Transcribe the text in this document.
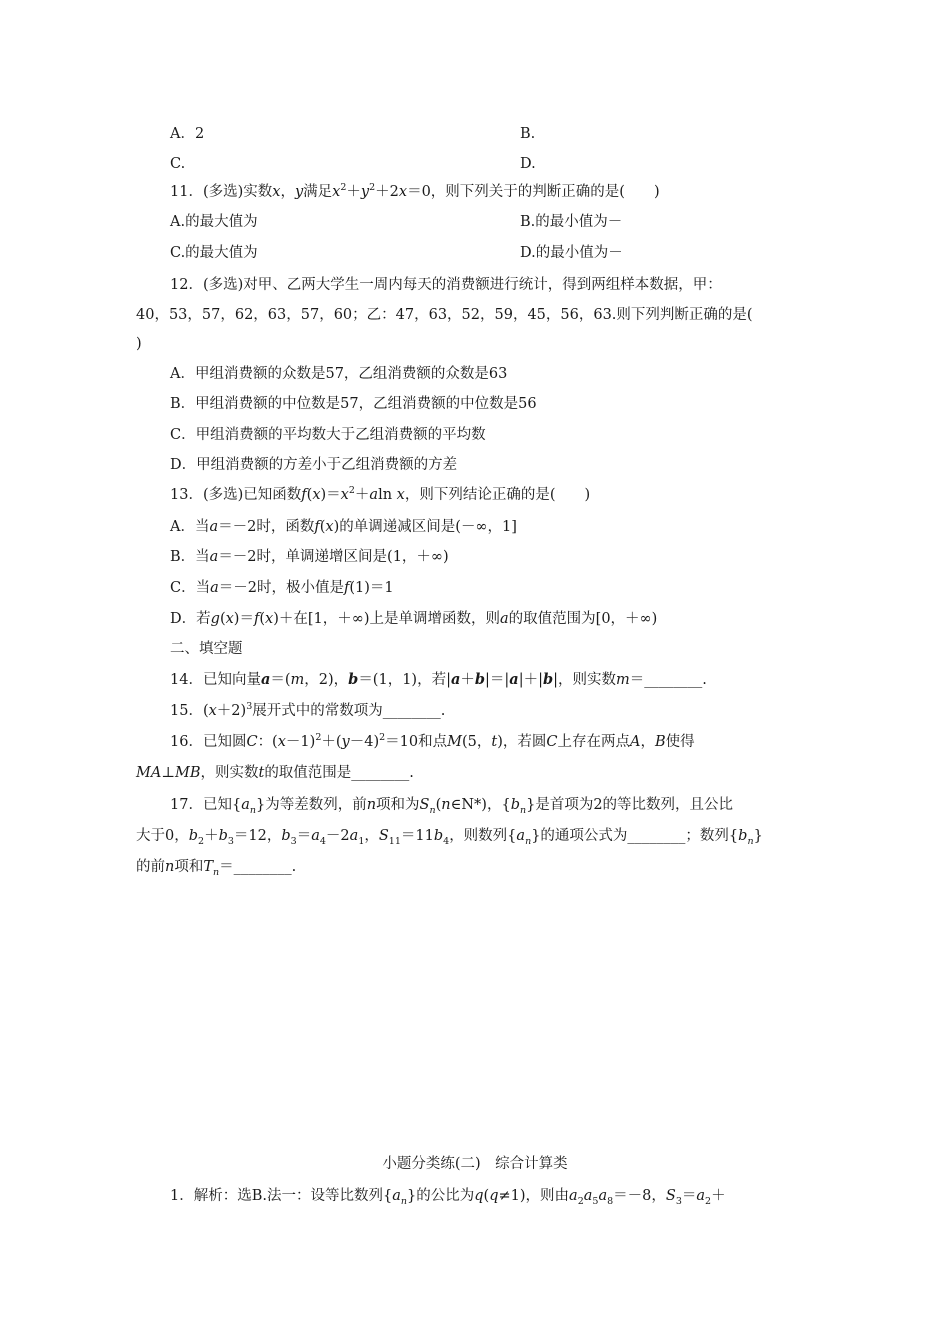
A．2	B.
C.	D.
11．(多选)实数x，y满足$x^2+y^2+2x=0$，则下列关于的判断正确的是(　　)
A.的最大值为	B.的最小值为－
C.的最大值为	D.的最小值为－
12．(多选)对甲、乙两大学生一周内每天的消费额进行统计，得到两组样本数据，甲：
40，53，57，62，63，57，60；乙：47，63，52，59，45，56，63.则下列判断正确的是(
)
A．甲组消费额的众数是57，乙组消费额的众数是63
B．甲组消费额的中位数是57，乙组消费额的中位数是56
C．甲组消费额的平均数大于乙组消费额的平均数
D．甲组消费额的方差小于乙组消费额的方差
13．(多选)已知函数$f(x)=x^2+aln$ x，则下列结论正确的是(　　)
A．当a＝－2时，函数f(x)的单调递减区间是(－∞，1]
B．当a＝－2时，单调递增区间是(1，＋∞)
C．当a＝－2时，极小值是f(1)＝1
D．若g(x)＝f(x)＋在[1，＋∞)上是单调增函数，则a的取值范围为[0，＋∞)
二、填空题
14．已知向量a＝(m，2)，b＝(1，1)，若|a＋b|＝|a|＋|b|，则实数m＝________.
15．$(x+2)^3$展开式中的常数项为________.
16．已知圆C：$(x-1)^2+(y-4)^2=10$和点M(5，t)，若圆C上存在两点A，B使得
MA⊥MB，则实数t的取值范围是________.
17．已知$\{a_n\}$为等差数列，前n项和为$S_n(n\in N*)$，$\{b_n\}$是首项为2的等比数列，且公比
大于0，$b_2+b_3=12$，$b_3=a_4-2a_1$，$S_{11}=11b_4$，则数列$\{a_n\}$的通项公式为________；数列$\{b_n\}$
的前n项和$T_n=\_\_\_\_\_\_\_\_$.
小题分类练(二)　综合计算类
1．解析：选B.法一：设等比数列$\{a_n\}$的公比为q(q≠1)，则由$a_2a_5a_8=-8$，$S_3=a_2+$
